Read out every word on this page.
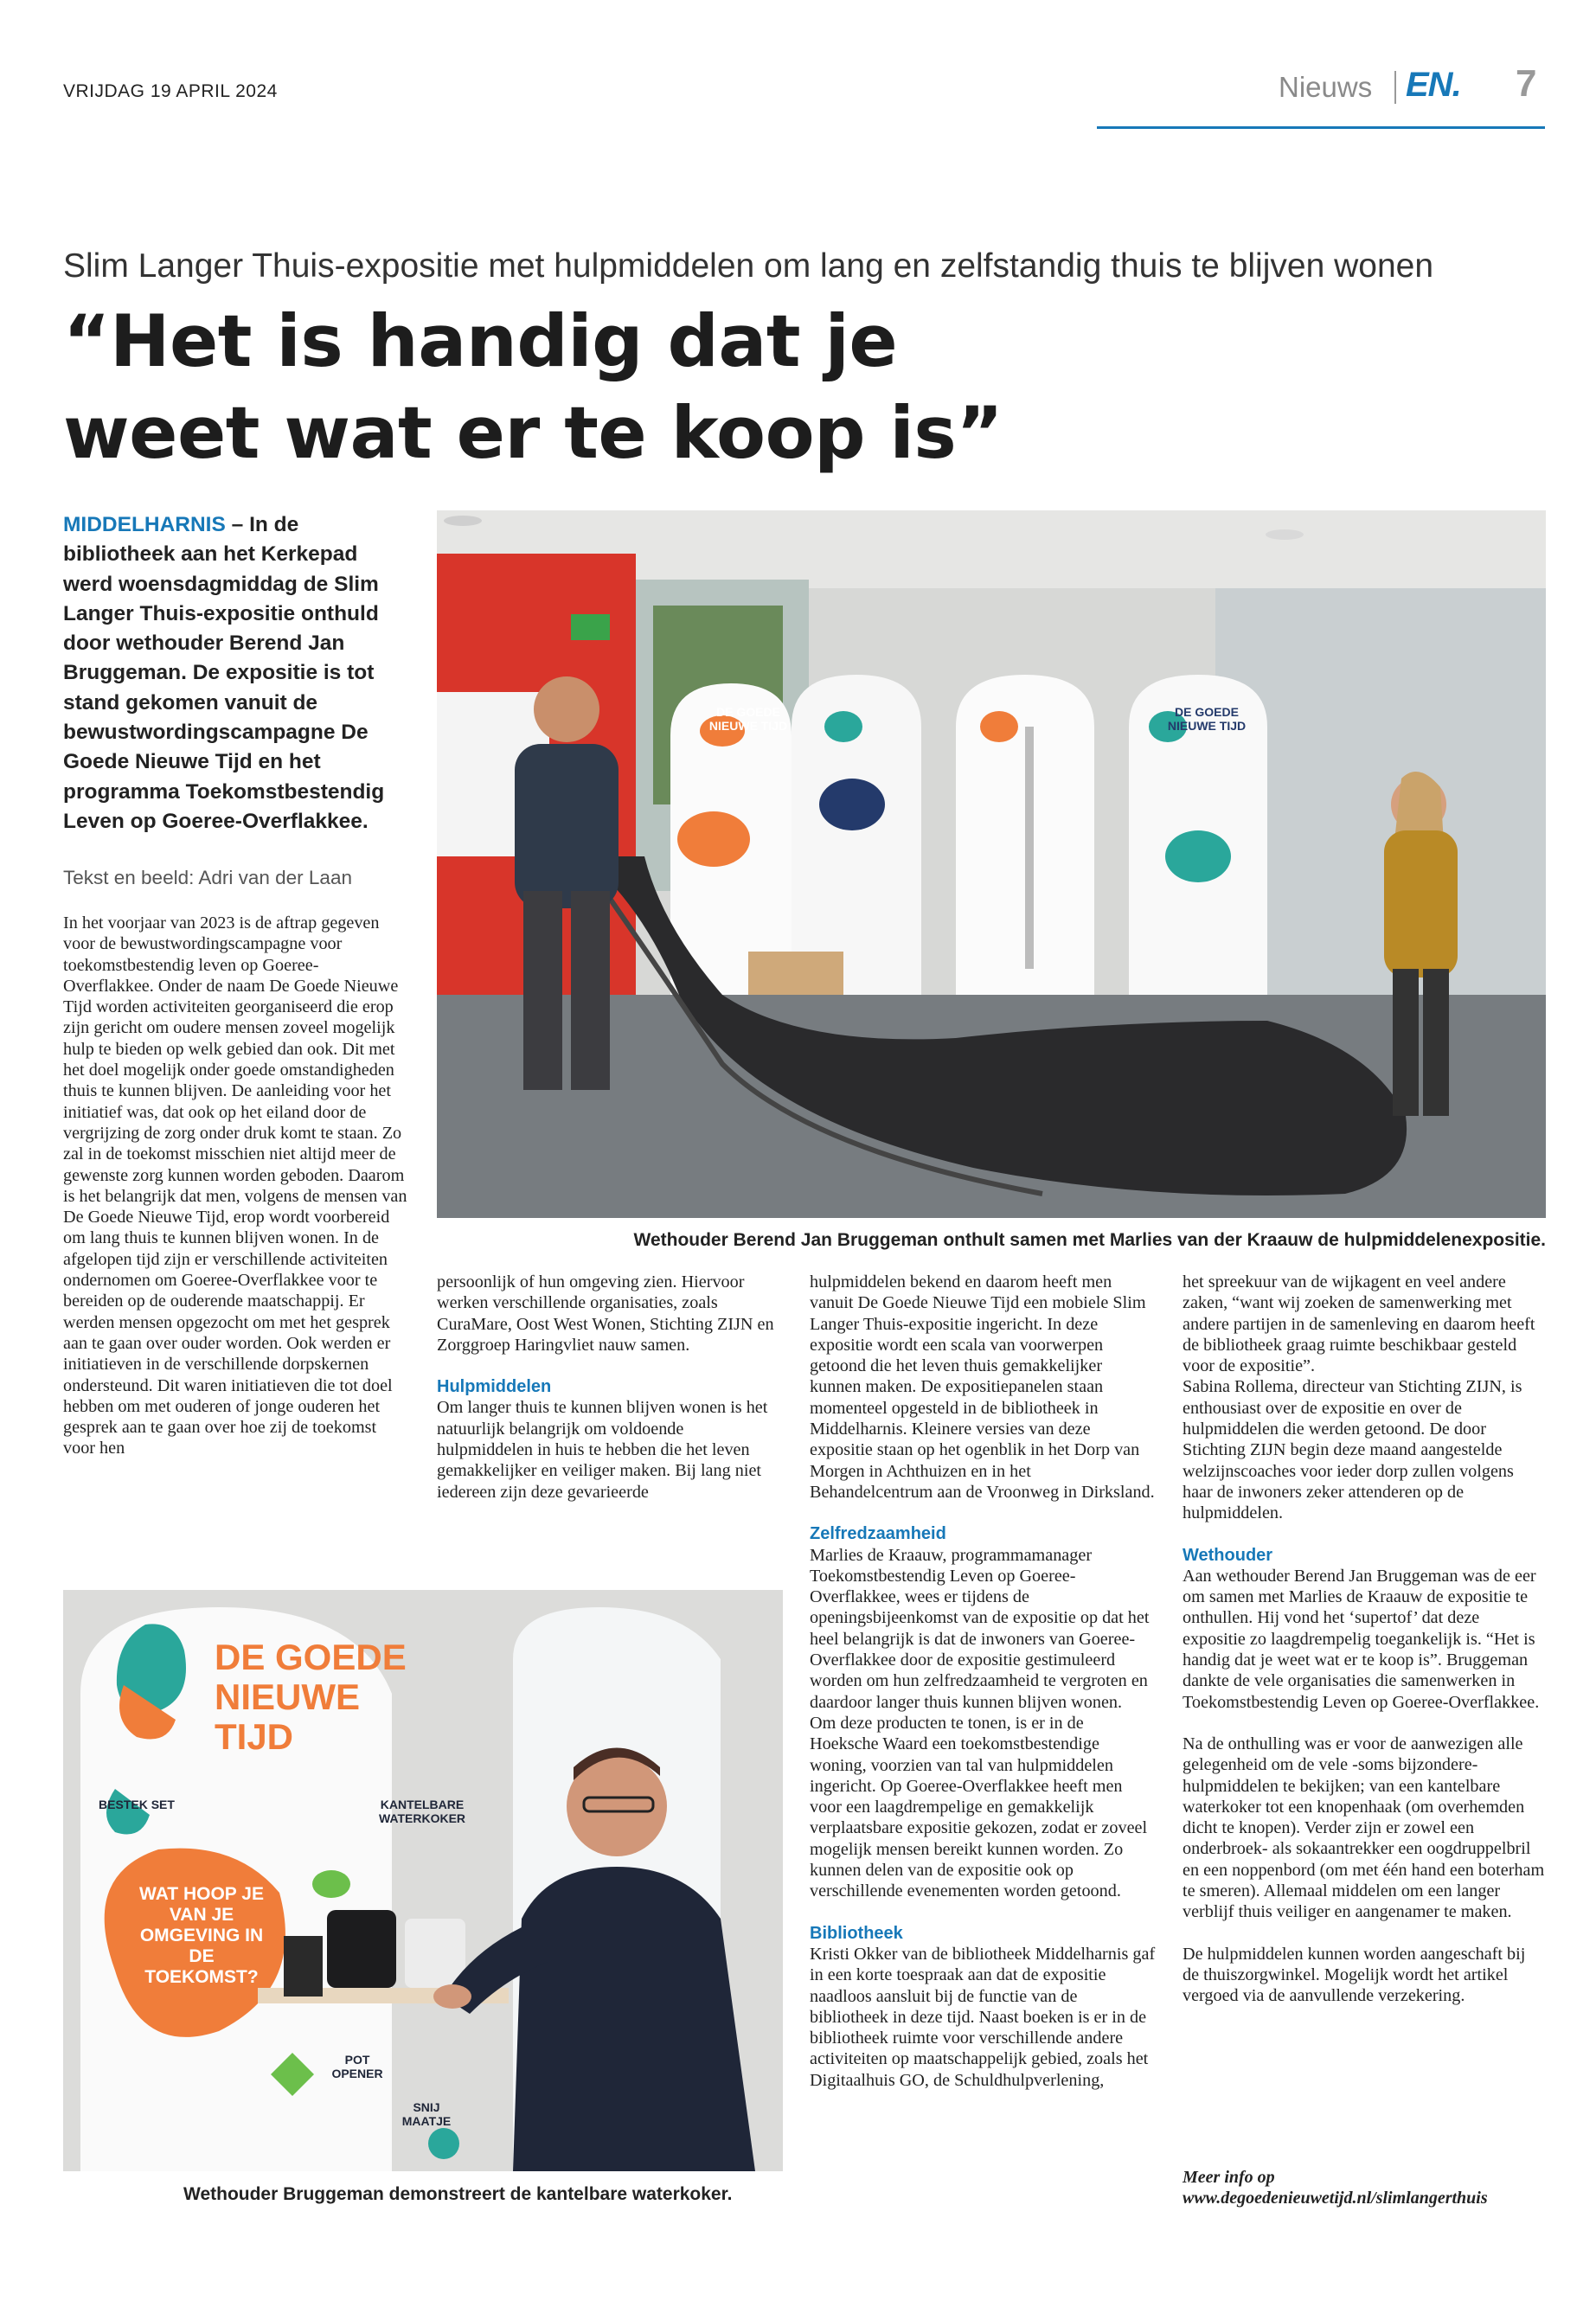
VRIJDAG 19 APRIL 2024	Nieuws EN. 7
Slim Langer Thuis-expositie met hulpmiddelen om lang en zelfstandig thuis te blijven wonen
“Het is handig dat je
weet wat er te koop is”
MIDDELHARNIS – In de bibliotheek aan het Kerkepad werd woensdagmiddag de Slim Langer Thuis-expositie onthuld door wethouder Berend Jan Bruggeman. De expositie is tot stand gekomen vanuit de bewustwordingscampagne De Goede Nieuwe Tijd en het programma Toekomstbestendig Leven op Goeree-Overflakkee.
Tekst en beeld: Adri van der Laan

In het voorjaar van 2023 is de aftrap gegeven voor de bewustwordingscampagne voor toekomstbestendig leven op Goeree-Overflakkee. Onder de naam De Goede Nieuwe Tijd worden activiteiten georganiseerd die erop zijn gericht om oudere mensen zoveel mogelijk hulp te bieden op welk gebied dan ook. Dit met het doel mogelijk onder goede omstandigheden thuis te kunnen blijven. De aanleiding voor het initiatief was, dat ook op het eiland door de vergrijzing de zorg onder druk komt te staan. Zo zal in de toekomst misschien niet altijd meer de gewenste zorg kunnen worden geboden. Daarom is het belangrijk dat men, volgens de mensen van De Goede Nieuwe Tijd, erop wordt voorbereid om lang thuis te kunnen blijven wonen. In de afgelopen tijd zijn er verschillende activiteiten ondernomen om Goeree-Overflakkee voor te bereiden op de ouderende maatschappij. Er werden mensen opgezocht om met het gesprek aan te gaan over ouder worden. Ook werden er initiatieven in de verschillende dorpskernen ondersteund. Dit waren initiatieven die tot doel hebben om met ouderen of jonge ouderen het gesprek aan te gaan over hoe zij de toekomst voor hen

DE GOEDE
NIEUWE TIJD
DE GOEDE
NIEUWE TIJD
Wethouder Berend Jan Bruggeman onthult samen met Marlies van der Kraauw de hulpmiddelenexpositie.

persoonlijk of hun omgeving zien. Hiervoor werken verschillende organisaties, zoals CuraMare, Oost West Wonen, Stichting ZIJN en Zorggroep Haringvliet nauw samen.

Hulpmiddelen

Om langer thuis te kunnen blijven wonen is het natuurlijk belangrijk om voldoende hulpmiddelen in huis te hebben die het leven gemakkelijker en veiliger maken. Bij lang niet iedereen zijn deze gevarieerde

hulpmiddelen bekend en daarom heeft men vanuit De Goede Nieuwe Tijd een mobiele Slim Langer Thuis-expositie ingericht. In deze expositie wordt een scala van voorwerpen getoond die het leven thuis gemakkelijker kunnen maken. De expositiepanelen staan momenteel opgesteld in de bibliotheek in Middelharnis. Kleinere versies van deze expositie staan op het ogenblik in het Dorp van Morgen in Achthuizen en in het Behandelcentrum aan de Vroonweg in Dirksland.

Zelfredzaamheid

Marlies de Kraauw, programmamanager Toekomstbestendig Leven op Goeree-Overflakkee, wees er tijdens de openingsbijeenkomst van de expositie op dat het heel belangrijk is dat de inwoners van Goeree-Overflakkee door de expositie gestimuleerd worden om hun zelfredzaamheid te vergroten en daardoor langer thuis kunnen blijven wonen.

Om deze producten te tonen, is er in de Hoeksche Waard een toekomstbestendige woning, voorzien van tal van hulpmiddelen ingericht. Op Goeree-Overflakkee heeft men voor een laagdrempelige en gemakkelijk verplaatsbare expositie gekozen, zodat er zoveel mogelijk mensen bereikt kunnen worden. Zo kunnen delen van de expositie ook op verschillende evenementen worden getoond.

Bibliotheek

Kristi Okker van de bibliotheek Middelharnis gaf in een korte toespraak aan dat de expositie naadloos aansluit bij de functie van de bibliotheek in deze tijd. Naast boeken is er in de bibliotheek ruimte voor verschillende andere activiteiten op maatschappelijk gebied, zoals het Digitaalhuis GO, de Schuldhulpverlening,

het spreekuur van de wijkagent en veel andere zaken, “want wij zoeken de samenwerking met andere partijen in de samenleving en daarom heeft de bibliotheek graag ruimte beschikbaar gesteld voor de expositie”.

Sabina Rollema, directeur van Stichting ZIJN, is enthousiast over de expositie en over de hulpmiddelen die werden getoond. De door Stichting ZIJN begin deze maand aangestelde welzijnscoaches voor ieder dorp zullen volgens haar de inwoners zeker attenderen op de hulpmiddelen.

Wethouder

Aan wethouder Berend Jan Bruggeman was de eer om samen met Marlies de Kraauw de expositie te onthullen. Hij vond het ‘supertof’ dat deze expositie zo laagdrempelig toegankelijk is. “Het is handig dat je weet wat er te koop is”. Bruggeman dankte de vele organisaties die samenwerken in Toekomstbestendig Leven op Goeree-Overflakkee.

Na de onthulling was er voor de aanwezigen alle gelegenheid om de vele -soms bijzondere- hulpmiddelen te bekijken; van een kantelbare waterkoker tot een knopenhaak (om overhemden dicht te knopen). Verder zijn er zowel een onderbroek- als sokaantrekker een oogdruppelbril en een noppenbord (om met één hand een boterham te smeren). Allemaal middelen om een langer verblijf thuis veiliger en aangenamer te maken.

De hulpmiddelen kunnen worden aangeschaft bij de thuiszorgwinkel. Mogelijk wordt het artikel vergoed via de aanvullende verzekering.

Meer info op
www.degoedenieuwetijd.nl/slimlangerthuis
DE GOEDE
NIEUWE TIJD
WAT HOOP JE VAN JE OMGEVING IN DE TOEKOMST?
BESTEK SET	KANTELBARE WATERKOKER
POT OPENER
SNIJ MAATJE
Wethouder Bruggeman demonstreert de kantelbare waterkoker.
